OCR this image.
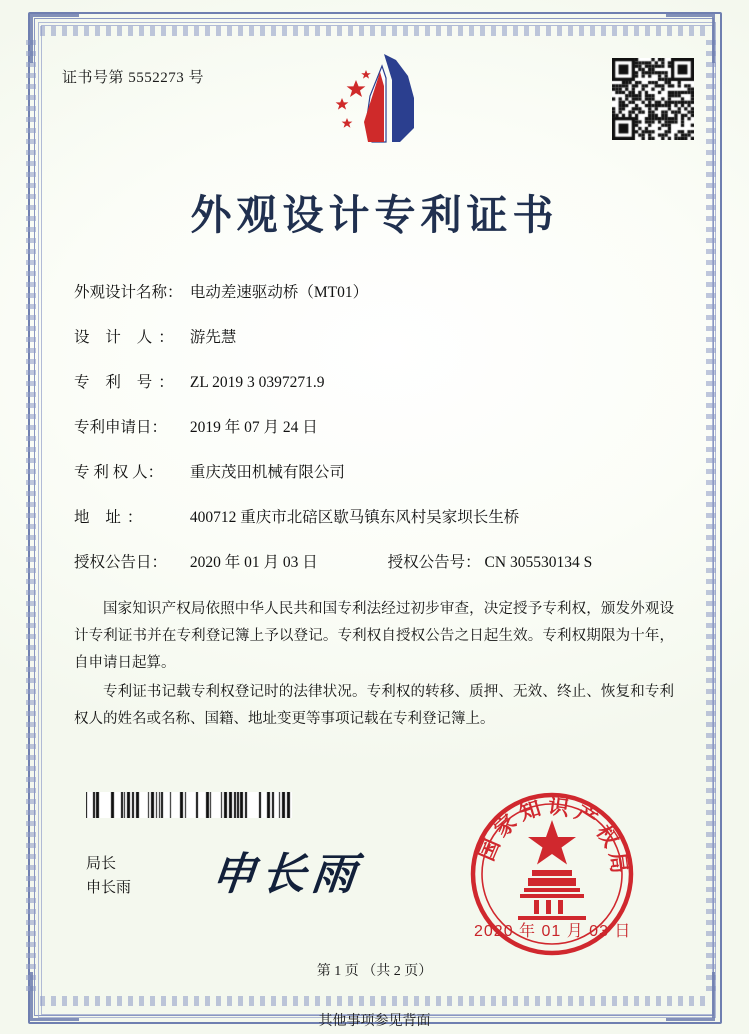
证书号第 5552273 号
外观设计专利证书
外观设计名称： 电动差速驱动桥（MT01）
设 计 人： 游先慧
专 利 号： ZL 2019 3 0397271.9
专利申请日： 2019 年 07 月 24 日
专 利 权 人： 重庆茂田机械有限公司
地 址：	400712 重庆市北碚区歇马镇东风村吴家坝长生桥
授权公告日： 2020 年 01 月 03 日	授权公告号： CN 305530134 S

国家知识产权局依照中华人民共和国专利法经过初步审查，决定授予专利权，颁发外观设计专利证书并在专利登记簿上予以登记。专利权自授权公告之日起生效。专利权期限为十年，自申请日起算。

专利证书记载专利权登记时的法律状况。专利权的转移、质押、无效、终止、恢复和专利权人的姓名或名称、国籍、地址变更等事项记载在专利登记簿上。

局长
申长雨 申长雨
国家知识产权局
2020 年 01 月 03 日
第 1 页 （共 2 页）
其他事项参见背面
